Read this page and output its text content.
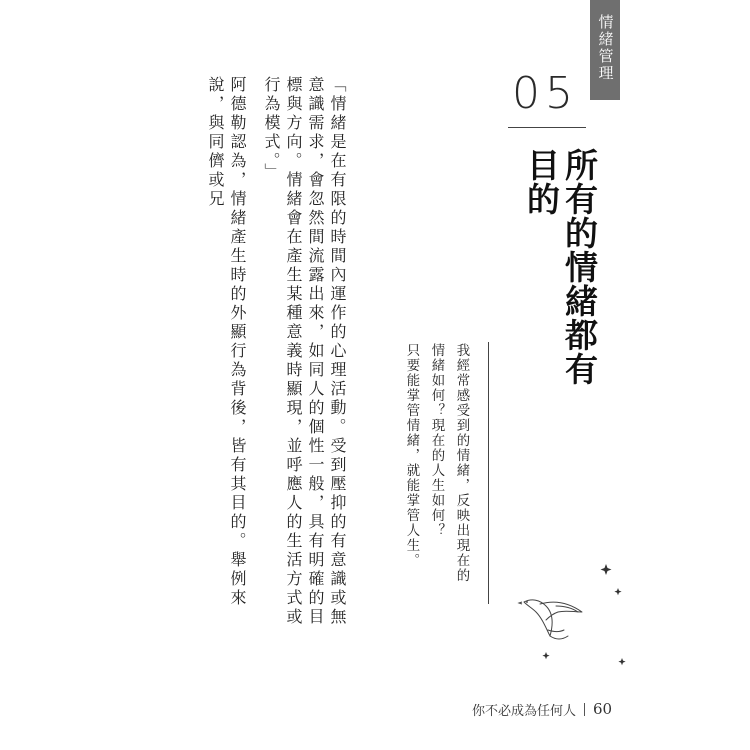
情緒管理
05
所有的情緒都有目的
我經常感受到的情緒，反映出現在的
情緒如何？現在的人生如何？
只要能掌管情緒，就能掌管人生。

「情緒是在有限的時間內運作的心理活動。受到壓抑的有意識或無意識需求，會忽然間流露出來，如同人的個性一般，具有明確的目標與方向。情緒會在產生某種意義時顯現，並呼應人的生活方式或行為模式。」

阿德勒認為，情緒產生時的外顯行為背後，皆有其目的。舉例來說，與同儕或兄

你不必成為任何人 60
